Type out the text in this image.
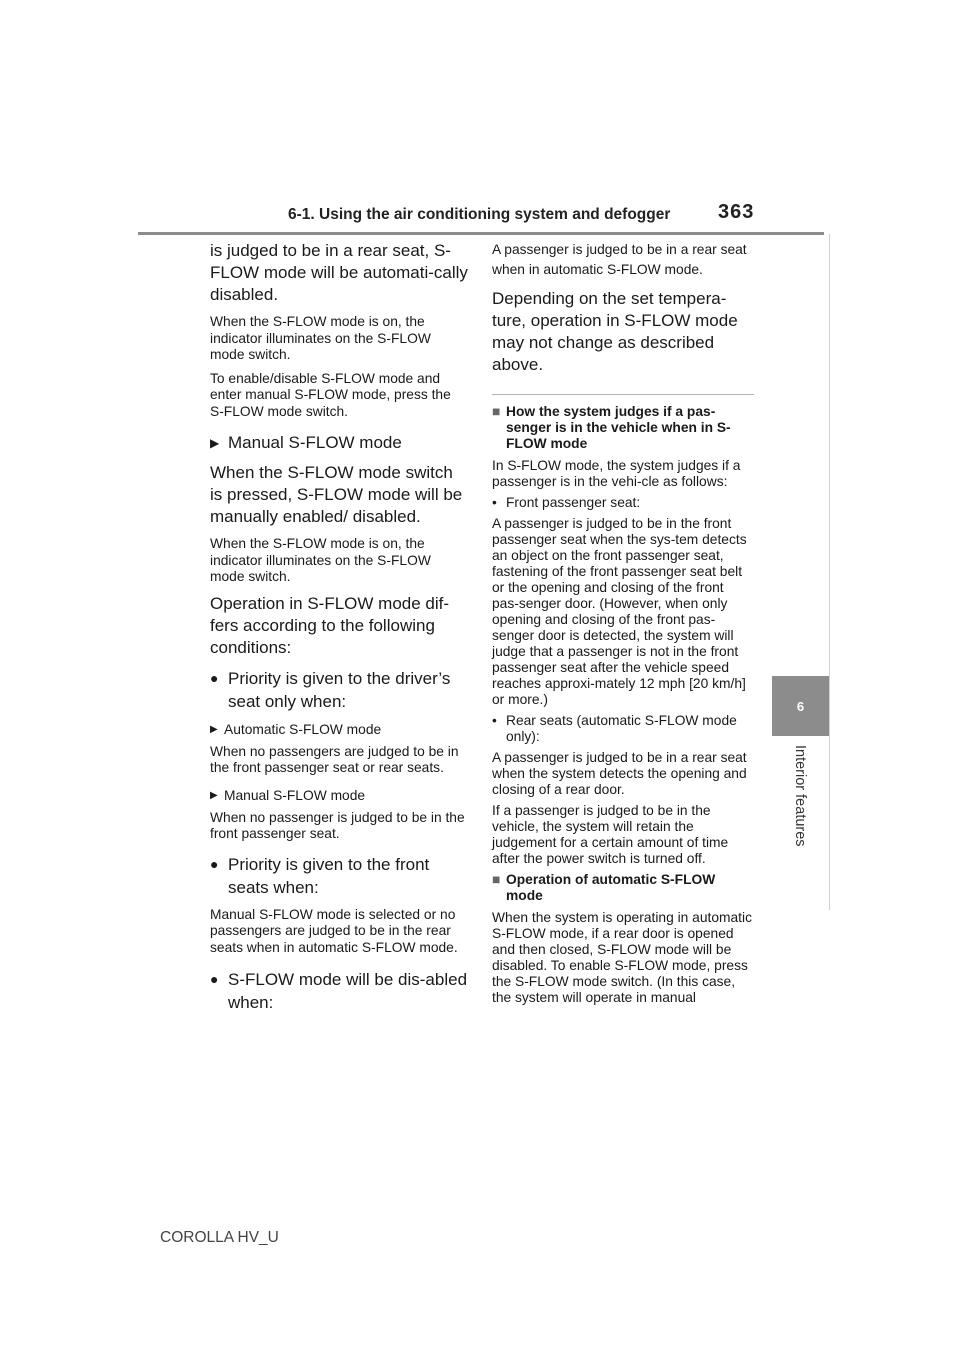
6-1. Using the air conditioning system and defogger 363
6
Interior features

is judged to be in a rear seat, S-FLOW mode will be automati-cally disabled.

When the S-FLOW mode is on, the indicator illuminates on the S-FLOW mode switch.

To enable/disable S-FLOW mode and enter manual S-FLOW mode, press the S-FLOW mode switch.

▶ Manual S-FLOW mode

When the S-FLOW mode switch is pressed, S-FLOW mode will be manually enabled/ disabled.

When the S-FLOW mode is on, the indicator illuminates on the S-FLOW mode switch.

Operation in S-FLOW mode dif-fers according to the following conditions:

● Priority is given to the driver’s seat only when:
▶ Automatic S-FLOW mode

When no passengers are judged to be in the front passenger seat or rear seats.

▶ Manual S-FLOW mode

When no passenger is judged to be in the front passenger seat.

● Priority is given to the front seats when:

Manual S-FLOW mode is selected or no passengers are judged to be in the rear seats when in automatic S-FLOW mode.

● S-FLOW mode will be dis-abled when:

A passenger is judged to be in a rear seat when in automatic S-FLOW mode.

Depending on the set tempera-ture, operation in S-FLOW mode may not change as described above.

■ How the system judges if a pas-senger is in the vehicle when in S-FLOW mode

In S-FLOW mode, the system judges if a passenger is in the vehi-cle as follows:

• Front passenger seat:

A passenger is judged to be in the front passenger seat when the sys-tem detects an object on the front passenger seat, fastening of the front passenger seat belt or the opening and closing of the front pas-senger door. (However, when only opening and closing of the front pas-senger door is detected, the system will judge that a passenger is not in the front passenger seat after the vehicle speed reaches approxi-mately 12 mph [20 km/h] or more.)

• Rear seats (automatic S-FLOW mode only):

A passenger is judged to be in a rear seat when the system detects the opening and closing of a rear door.

If a passenger is judged to be in the vehicle, the system will retain the judgement for a certain amount of time after the power switch is turned off.

■ Operation of automatic S-FLOW mode

When the system is operating in automatic S-FLOW mode, if a rear door is opened and then closed, S-FLOW mode will be disabled. To enable S-FLOW mode, press the S-FLOW mode switch. (In this case, the system will operate in manual

COROLLA HV_U
